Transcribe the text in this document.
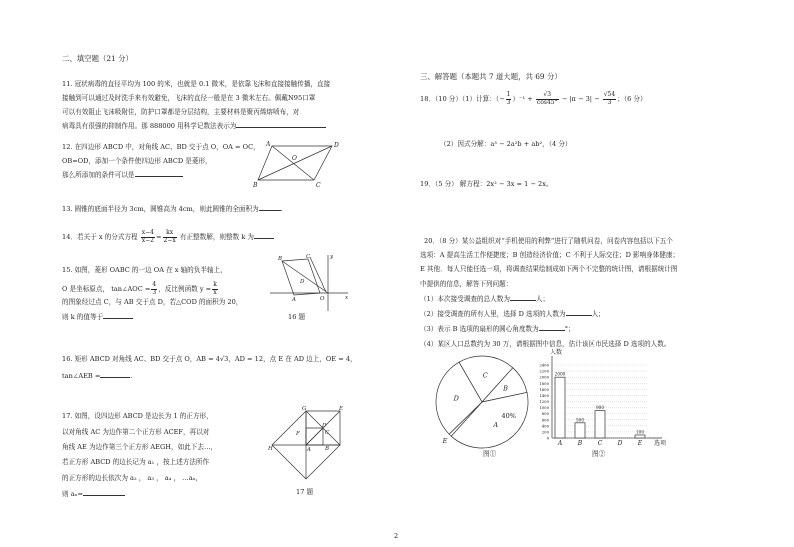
二、填空题（21 分）
11. 冠状病毒的直径平均为 100 的米，也就是 0.1 微米，是依靠飞沫和直接接触传播，直接
接触到可以通过及时洗手来有效避免，飞沫的直径一般是在 3 微米左右。佩戴N95口罩
可以有效阻止飞沫吸附住，防护口罩都是分层结构，主要材料是聚丙烯熔喷布，对
病毒具有很强的抑制作用。那 888000 用科学记数法表示为
12. 在四边形 ABCD 中，对角线 AC、BD 交于点 O，OA = OC，
OB=OD，添加一个条件使四边形 ABCD 是菱形，
那么所添加的条件可以是
A	D
C
B
O
13. 圆锥的底面半径为 3cm，圆锥高为 4cm，则此圆锥的全面积为	.
14．若关于 x 的分式方程 $\frac{x-4}{x-2} = \frac{kx}{2-x}$ 有正整数解，则整数 k 为
15. 如图，菱形 OABC 的一边 OA 在 x 轴的负半轴上，
O 是坐标原点， tan∠AOC = $\frac{4}{3}$ ，反比例函数 $y = \frac{k}{x}$
的图象经过点 C，与 AB 交于点 D，若△COD 的面积为 20，
则 k 的值等于
B	C
A	O
D
x
y
16 题
16. 矩形 ABCD 对角线 AC、BD 交于点 O，AB = 4√3，AD = 12，点 E 在 AD 边上，OE = 4，
tan∠AEB =	.
17. 如图，设四边形 ABCD 是边长为 1 的正方形，
以对角线 AC 为边作第二个正方形 ACEF，再以对
角线 AE 为边作第三个正方形 AEGH，如此下去…，
若正方形 ABCD 的边长记为 a₁ ，按上述方法所作
的正方形的边长依次为 a₂ ， a₃ ， a₄ ， …aₙ，
则 aₙ=
G	E
F	C
B
A
H
D
17 题
三、解答题（本题共 7 道大题，共 69 分）
18．（10 分）（1）计算：（− $\frac{1}{3} )^{-1} + \frac{√3}{\cos 45^\circ} - |\pi - 3| - \frac{√54}{3}$ ；（6 分）
（2）因式分解：a³ − 2a²b + ab²，（4 分）
19．（5 分） 解方程：2x² − 3x = 1 − 2x。
20．（8 分）某公益组织对“手机使用的利弊”进行了随机问卷，问卷内容包括以下五个
选项：A 提高生活工作便捷度；B 创造经济价值；C 不利于人际交往；D 影响身体健康；
E 其他．每人只能任选一项，将调查结果绘制成如下两个不完整的统计图，请根据统计图
中提供的信息，解答下列问题：
（1）本次接受调查的总人数为	人；
（2）接受调查的所有人里，选择 D 选项的人数为	人；
（3）表示 B 选项的扇形的圆心角度数为	°；
（4）某区人口总数约为 30 万，请根据图中信息，估计该区市民选择 D 选项的人数。
C
B
A
40%
E
D
图①
人数
选项
0
200
400
600
800
1000
1200
1400
1600
1800
2000
2200
2400
2000
A
500
B
900
C	D
100
E
图②
2
